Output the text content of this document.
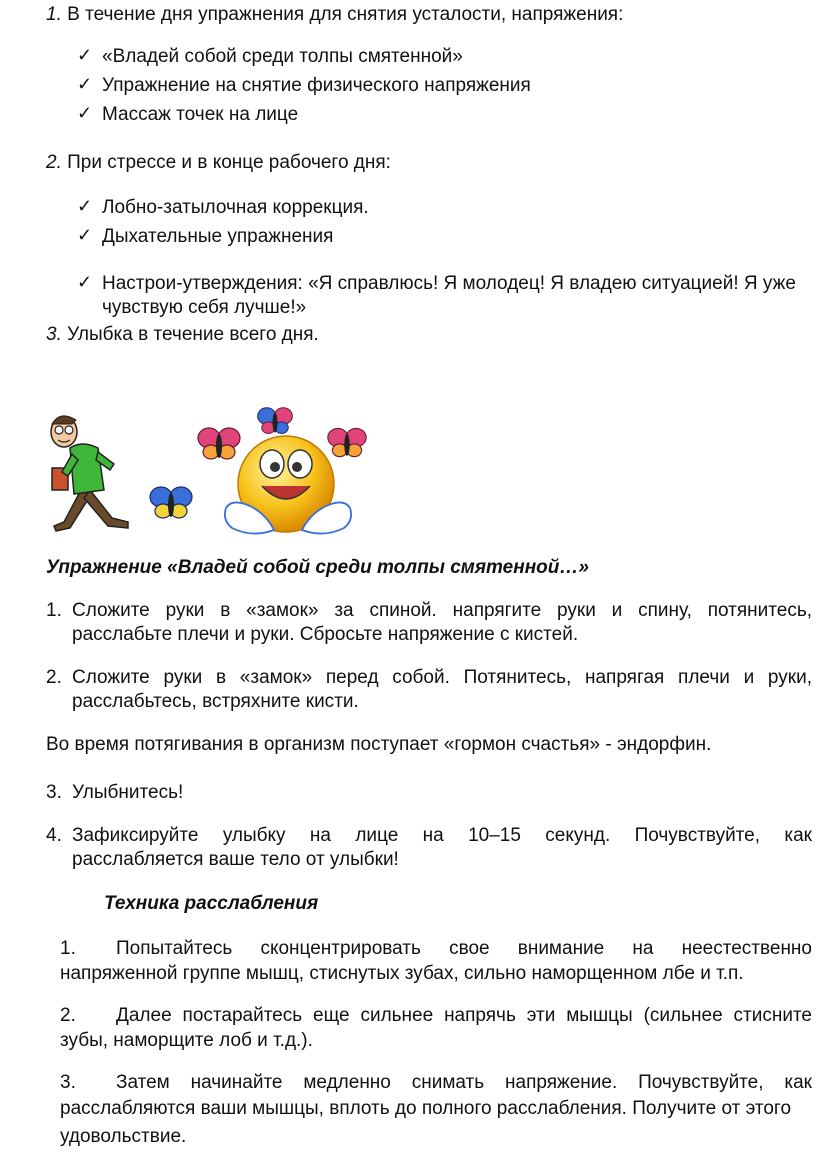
1. В течение дня упражнения для снятия усталости, напряжения:
✓ «Владей собой среди толпы смятенной»
✓ Упражнение на снятие физического напряжения
✓ Массаж точек на лице
2. При стрессе и в конце рабочего дня:
✓ Лобно-затылочная коррекция.
✓ Дыхательные упражнения
✓ Настрои-утверждения: «Я справлюсь! Я молодец! Я владею ситуацией! Я уже
чувствую себя лучше!»
3. Улыбка в течение всего дня.
Упражнение «Владей собой среди толпы смятенной…»
1. Сложите руки в «замок» за спиной. напрягите руки и спину, потянитесь,
расслабьте плечи и руки. Сбросьте напряжение с кистей.
2. Сложите руки в «замок» перед собой. Потянитесь, напрягая плечи и руки,
расслабьтесь, встряхните кисти.
Во время потягивания в организм поступает «гормон счастья» - эндорфин.
3. Улыбнитесь!
4. Зафиксируйте улыбку на лице на 10–15 секунд. Почувствуйте, как
расслабляется ваше тело от улыбки!
Техника расслабления
1. Попытайтесь сконцентрировать свое внимание на неестественно
напряженной группе мышц, стиснутых зубах, сильно наморщенном лбе и т.п.
2. Далее постарайтесь еще сильнее напрячь эти мышцы (сильнее стисните
зубы, наморщите лоб и т.д.).
3. Затем начинайте медленно снимать напряжение. Почувствуйте, как
расслабляются ваши мышцы, вплоть до полного расслабления. Получите от этого
удовольствие.
